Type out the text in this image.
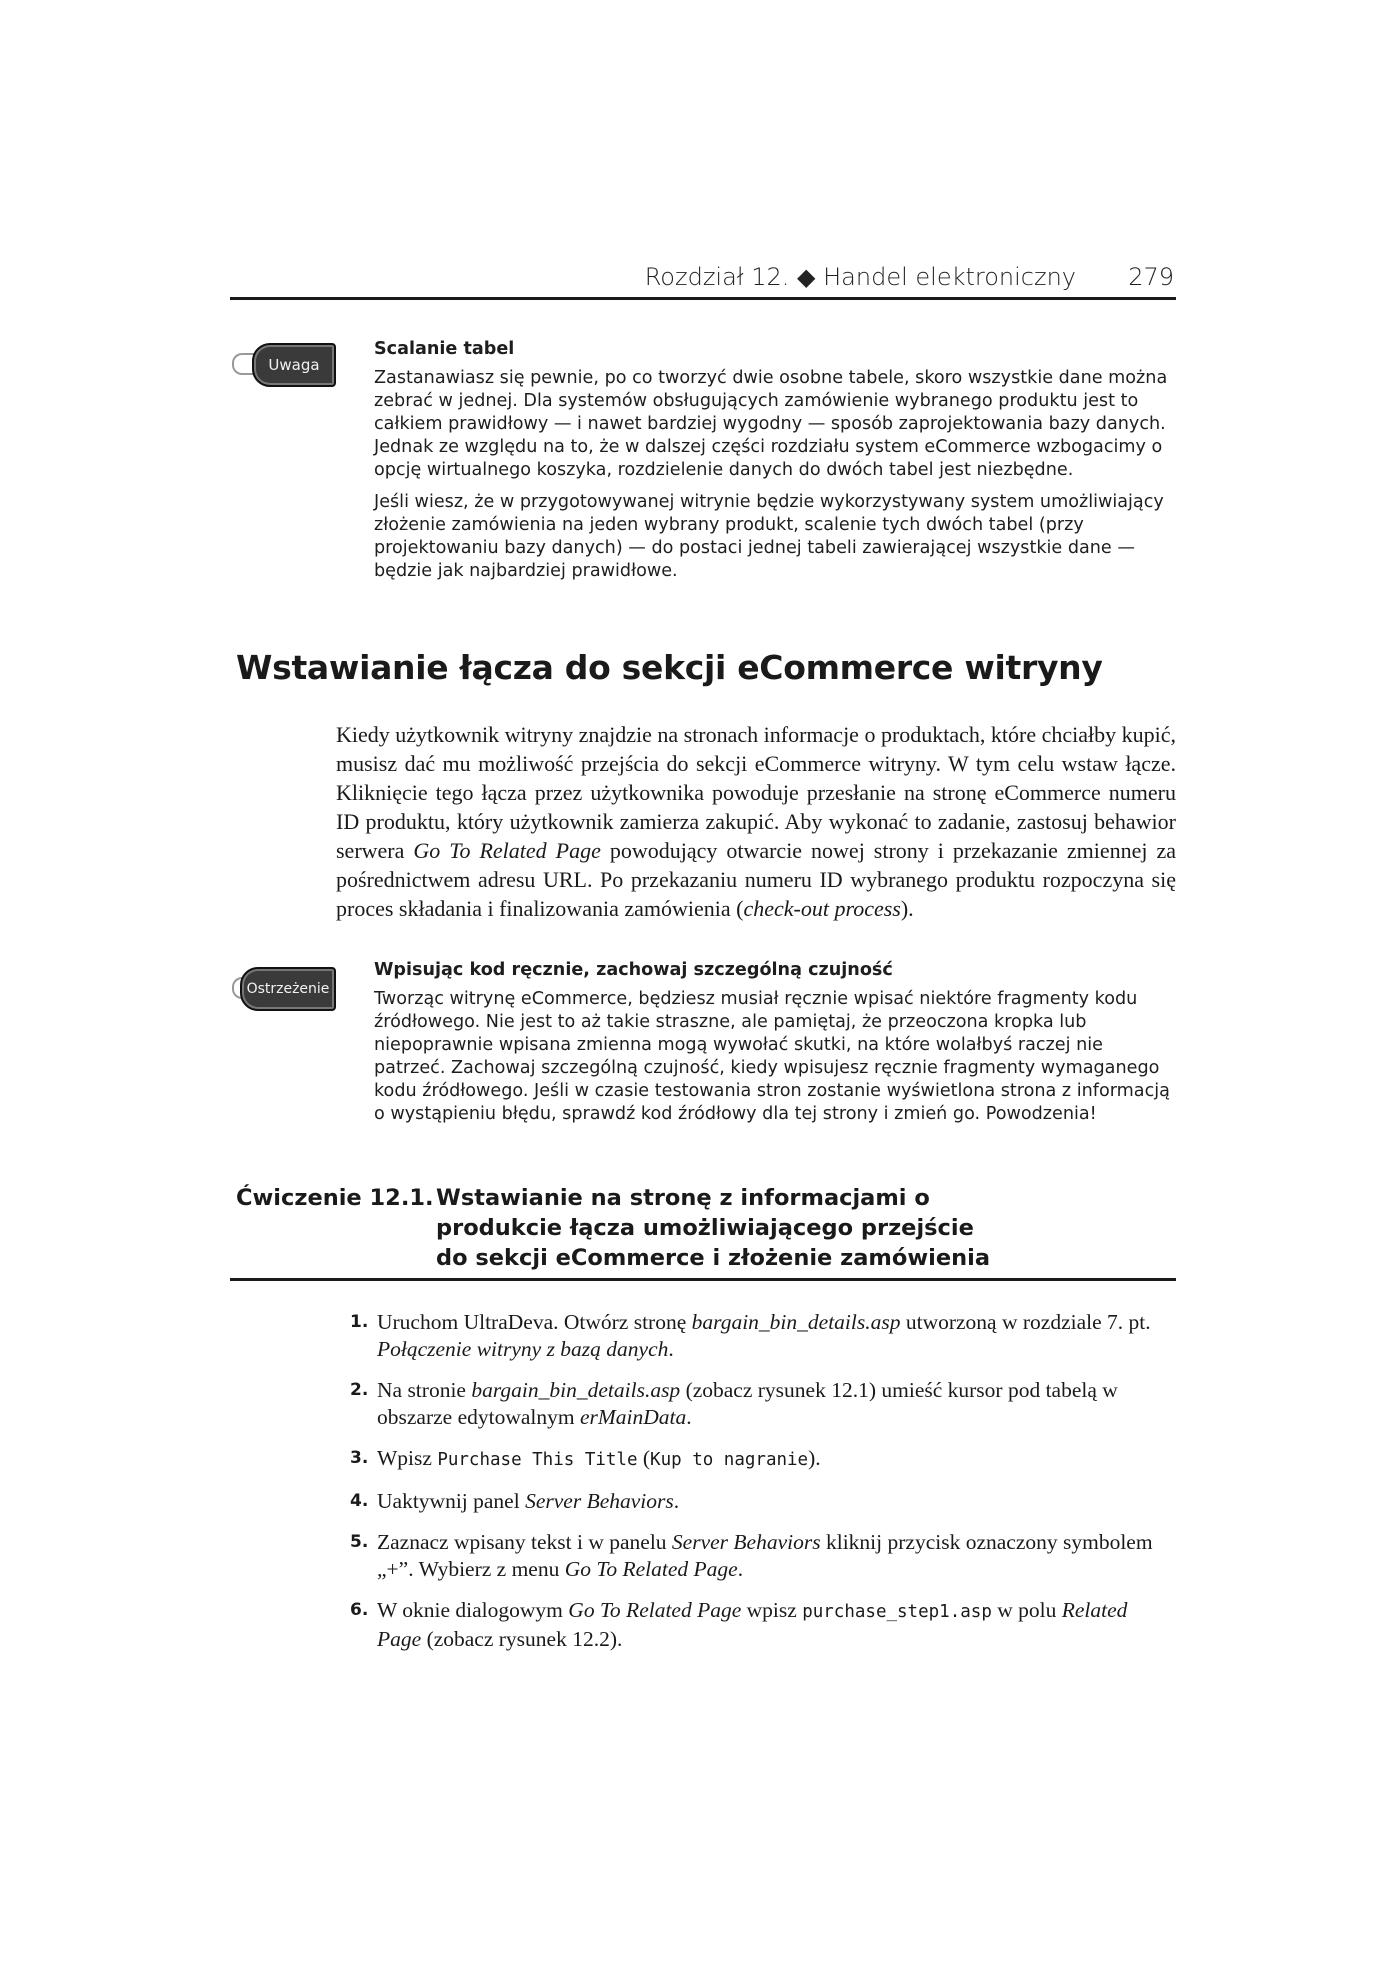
Rozdział 12. ◆ Handel elektroniczny 279
Uwaga
Scalanie tabel

Zastanawiasz się pewnie, po co tworzyć dwie osobne tabele, skoro wszystkie dane można zebrać w jednej. Dla systemów obsługujących zamówienie wybranego produktu jest to całkiem prawidłowy — i nawet bardziej wygodny — sposób zaprojektowania bazy danych. Jednak ze względu na to, że w dalszej części rozdziału system eCommerce wzbogacimy o opcję wirtualnego koszyka, rozdzielenie danych do dwóch tabel jest niezbędne.

Jeśli wiesz, że w przygotowywanej witrynie będzie wykorzystywany system umożliwiający złożenie zamówienia na jeden wybrany produkt, scalenie tych dwóch tabel (przy projektowaniu bazy danych) — do postaci jednej tabeli zawierającej wszystkie dane — będzie jak najbardziej prawidłowe.

Wstawianie łącza do sekcji eCommerce witryny

Kiedy użytkownik witryny znajdzie na stronach informacje o produktach, które chciałby kupić, musisz dać mu możliwość przejścia do sekcji eCommerce witryny. W tym celu wstaw łącze. Kliknięcie tego łącza przez użytkownika powoduje przesłanie na stronę eCommerce numeru ID produktu, który użytkownik zamierza zakupić. Aby wykonać to zadanie, zastosuj behawior serwera Go To Related Page powodujący otwarcie nowej strony i przekazanie zmiennej za pośrednictwem adresu URL. Po przekazaniu numeru ID wybranego produktu rozpoczyna się proces składania i finalizowania zamówienia (check-out process).

Ostrzeżenie
Wpisując kod ręcznie, zachowaj szczególną czujność

Tworząc witrynę eCommerce, będziesz musiał ręcznie wpisać niektóre fragmenty kodu źródłowego. Nie jest to aż takie straszne, ale pamiętaj, że przeoczona kropka lub niepoprawnie wpisana zmienna mogą wywołać skutki, na które wolałbyś raczej nie patrzeć. Zachowaj szczególną czujność, kiedy wpisujesz ręcznie fragmenty wymaganego kodu źródłowego. Jeśli w czasie testowania stron zostanie wyświetlona strona z informacją o wystąpieniu błędu, sprawdź kod źródłowy dla tej strony i zmień go. Powodzenia!

Ćwiczenie 12.1. Wstawianie na stronę z informacjami o produkcie łącza umożliwiającego przejście do sekcji eCommerce i złożenie zamówienia
1. Uruchom UltraDeva. Otwórz stronę bargain_bin_details.asp utworzoną w rozdziale 7. pt. Połączenie witryny z bazą danych.
2. Na stronie bargain_bin_details.asp (zobacz rysunek 12.1) umieść kursor pod tabelą w obszarze edytowalnym erMainData.
3. Wpisz Purchase This Title (Kup to nagranie).
4. Uaktywnij panel Server Behaviors.
5. Zaznacz wpisany tekst i w panelu Server Behaviors kliknij przycisk oznaczony symbolem „+”. Wybierz z menu Go To Related Page.
6. W oknie dialogowym Go To Related Page wpisz purchase_step1.asp w polu Related Page (zobacz rysunek 12.2).
